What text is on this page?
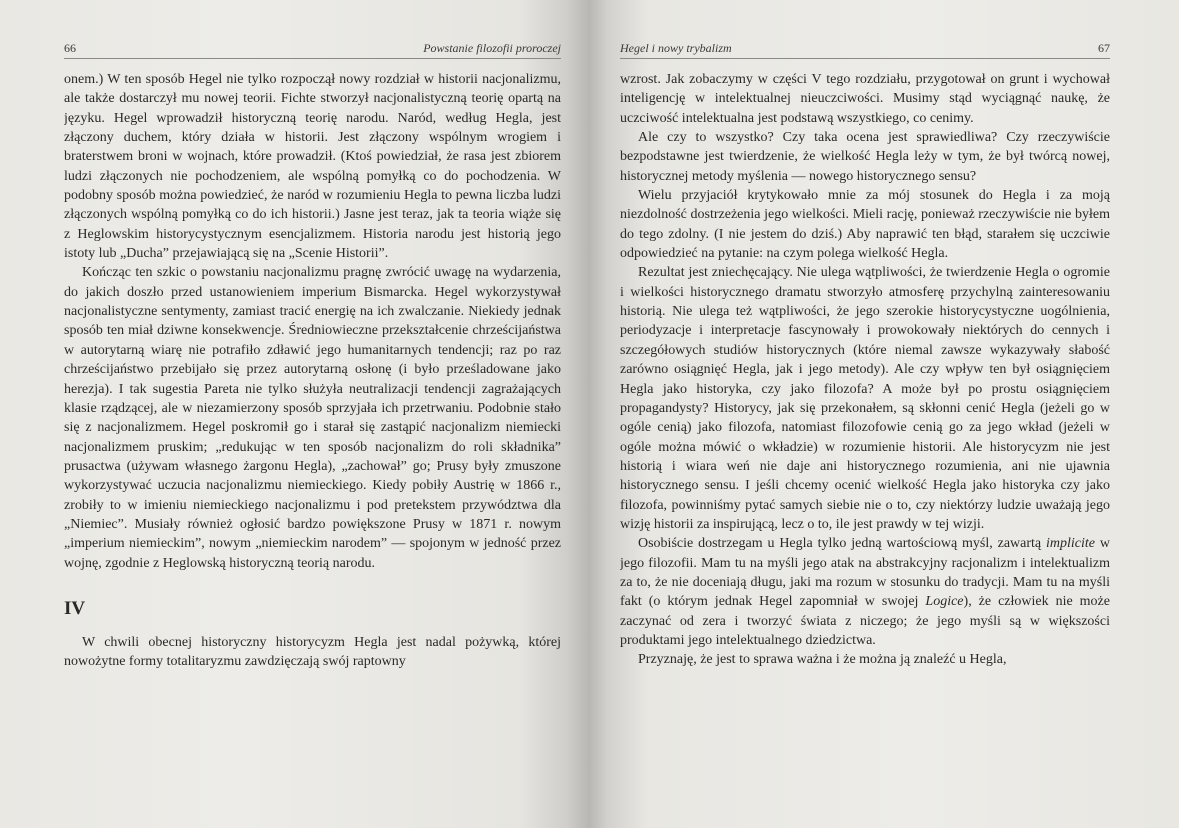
66	Powstanie filozofii proroczej

onem.) W ten sposób Hegel nie tylko rozpoczął nowy rozdział w historii nacjonalizmu, ale także dostarczył mu nowej teorii. Fichte stworzył nacjonalistyczną teorię opartą na języku. Hegel wprowadził historyczną teorię narodu. Naród, według Hegla, jest złączony duchem, który działa w historii. Jest złączony wspólnym wrogiem i braterstwem broni w wojnach, które prowadził. (Ktoś powiedział, że rasa jest zbiorem ludzi złączonych nie pochodzeniem, ale wspólną pomyłką co do pochodzenia. W podobny sposób można powiedzieć, że naród w rozumieniu Hegla to pewna liczba ludzi złączonych wspólną pomyłką co do ich historii.) Jasne jest teraz, jak ta teoria wiąże się z Heglowskim historycystycznym esencjalizmem. Historia narodu jest historią jego istoty lub „Ducha” przejawiającą się na „Scenie Historii”.

Kończąc ten szkic o powstaniu nacjonalizmu pragnę zwrócić uwagę na wydarzenia, do jakich doszło przed ustanowieniem imperium Bismarcka. Hegel wykorzystywał nacjonalistyczne sentymenty, zamiast tracić energię na ich zwalczanie. Niekiedy jednak sposób ten miał dziwne konsekwencje. Średniowieczne przekształcenie chrześcijaństwa w autorytarną wiarę nie potrafiło zdławić jego humanitarnych tendencji; raz po raz chrześcijaństwo przebijało się przez autorytarną osłonę (i było prześladowane jako herezja). I tak sugestia Pareta nie tylko służyła neutralizacji tendencji zagrażających klasie rządzącej, ale w niezamierzony sposób sprzyjała ich przetrwaniu. Podobnie stało się z nacjonalizmem. Hegel poskromił go i starał się zastąpić nacjonalizm niemiecki nacjonalizmem pruskim; „redukując w ten sposób nacjonalizm do roli składnika” prusactwa (używam własnego żargonu Hegla), „zachował” go; Prusy były zmuszone wykorzystywać uczucia nacjonalizmu niemieckiego. Kiedy pobiły Austrię w 1866 r., zrobiły to w imieniu niemieckiego nacjonalizmu i pod pretekstem przywództwa dla „Niemiec”. Musiały również ogłosić bardzo powiększone Prusy w 1871 r. nowym „imperium niemieckim”, nowym „niemieckim narodem” — spojonym w jedność przez wojnę, zgodnie z Heglowską historyczną teorią narodu.

IV

W chwili obecnej historyczny historycyzm Hegla jest nadal pożywką, której nowożytne formy totalitaryzmu zawdzięczają swój raptowny

Hegel i nowy trybalizm	67

wzrost. Jak zobaczymy w części V tego rozdziału, przygotował on grunt i wychował inteligencję w intelektualnej nieuczciwości. Musimy stąd wyciągnąć naukę, że uczciwość intelektualna jest podstawą wszystkiego, co cenimy.

Ale czy to wszystko? Czy taka ocena jest sprawiedliwa? Czy rzeczywiście bezpodstawne jest twierdzenie, że wielkość Hegla leży w tym, że był twórcą nowej, historycznej metody myślenia — nowego historycznego sensu?

Wielu przyjaciół krytykowało mnie za mój stosunek do Hegla i za moją niezdolność dostrzeżenia jego wielkości. Mieli rację, ponieważ rzeczywiście nie byłem do tego zdolny. (I nie jestem do dziś.) Aby naprawić ten błąd, starałem się uczciwie odpowiedzieć na pytanie: na czym polega wielkość Hegla.

Rezultat jest zniechęcający. Nie ulega wątpliwości, że twierdzenie Hegla o ogromie i wielkości historycznego dramatu stworzyło atmosferę przychylną zainteresowaniu historią. Nie ulega też wątpliwości, że jego szerokie historycystyczne uogólnienia, periodyzacje i interpretacje fascynowały i prowokowały niektórych do cennych i szczegółowych studiów historycznych (które niemal zawsze wykazywały słabość zarówno osiągnięć Hegla, jak i jego metody). Ale czy wpływ ten był osiągnięciem Hegla jako historyka, czy jako filozofa? A może był po prostu osiągnięciem propagandysty? Historycy, jak się przekonałem, są skłonni cenić Hegla (jeżeli go w ogóle cenią) jako filozofa, natomiast filozofowie cenią go za jego wkład (jeżeli w ogóle można mówić o wkładzie) w rozumienie historii. Ale historycyzm nie jest historią i wiara weń nie daje ani historycznego rozumienia, ani nie ujawnia historycznego sensu. I jeśli chcemy ocenić wielkość Hegla jako historyka czy jako filozofa, powinniśmy pytać samych siebie nie o to, czy niektórzy ludzie uważają jego wizję historii za inspirującą, lecz o to, ile jest prawdy w tej wizji.

Osobiście dostrzegam u Hegla tylko jedną wartościową myśl, zawartą implicite w jego filozofii. Mam tu na myśli jego atak na abstrakcyjny racjonalizm i intelektualizm za to, że nie doceniają długu, jaki ma rozum w stosunku do tradycji. Mam tu na myśli fakt (o którym jednak Hegel zapomniał w swojej Logice), że człowiek nie może zaczynać od zera i tworzyć świata z niczego; że jego myśli są w większości produktami jego intelektualnego dziedzictwa.

Przyznaję, że jest to sprawa ważna i że można ją znaleźć u Hegla,
